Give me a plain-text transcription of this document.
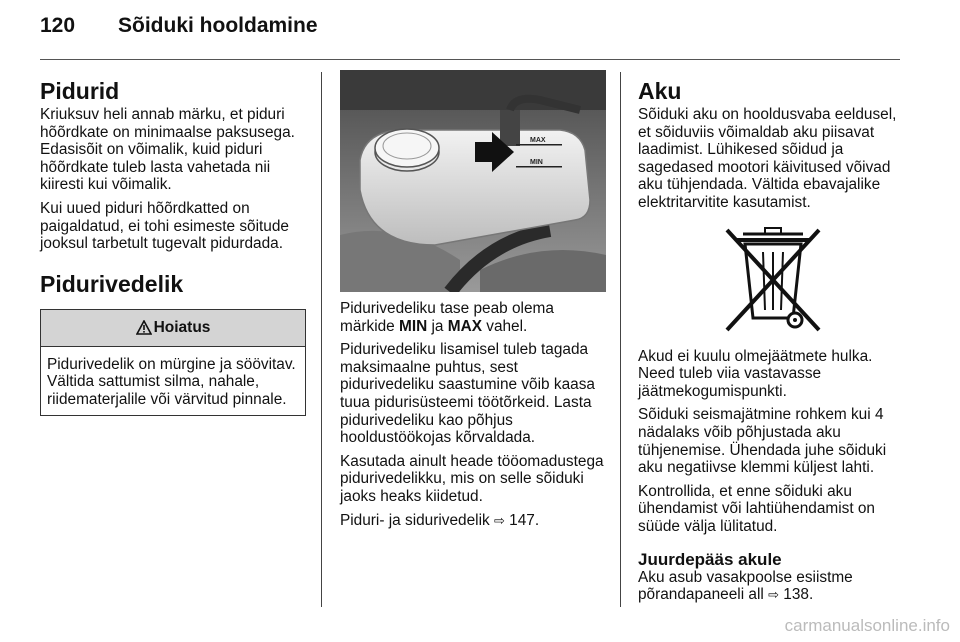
120 Sõiduki hooldamine
Pidurid

Kriuksuv heli annab märku, et piduri hõõrdkate on minimaalse paksusega. Edasisõit on võimalik, kuid piduri hõõrdkate tuleb lasta vahetada nii kiiresti kui võimalik.

Kui uued piduri hõõrdkatted on paigaldatud, ei tohi esimeste sõitude jooksul tarbetult tugevalt pidurdada.

Pidurivedelik
Hoiatus
Pidurivedelik on mürgine ja söövitav. Vältida sattumist silma, nahale, riidematerjalile või värvitud pinnale.
MAX
MIN

Pidurivedeliku tase peab olema märkide MIN ja MAX vahel.

Pidurivedeliku lisamisel tuleb tagada maksimaalne puhtus, sest pidurivedeliku saastumine võib kaasa tuua pidurisüsteemi töötõrkeid. Lasta pidurivedeliku kao põhjus hooldustöökojas kõrvaldada.

Kasutada ainult heade tööomadustega pidurivedelikku, mis on selle sõiduki jaoks heaks kiidetud.

Piduri- ja sidurivedelik ⇨ 147.

Aku

Sõiduki aku on hooldusvaba eeldusel, et sõiduviis võimaldab aku piisavat laadimist. Lühikesed sõidud ja sagedased mootori käivitused võivad aku tühjendada. Vältida ebavajalike elektritarvitite kasutamist.

Akud ei kuulu olmejäätmete hulka. Need tuleb viia vastavasse jäätmekogumispunkti.

Sõiduki seismajätmine rohkem kui 4 nädalaks võib põhjustada aku tühjenemise. Ühendada juhe sõiduki aku negatiivse klemmi küljest lahti.

Kontrollida, et enne sõiduki aku ühendamist või lahtiühendamist on süüde välja lülitatud.

Juurdepääs akule

Aku asub vasakpoolse esiistme põrandapaneeli all ⇨ 138.

carmanualsonline.info
